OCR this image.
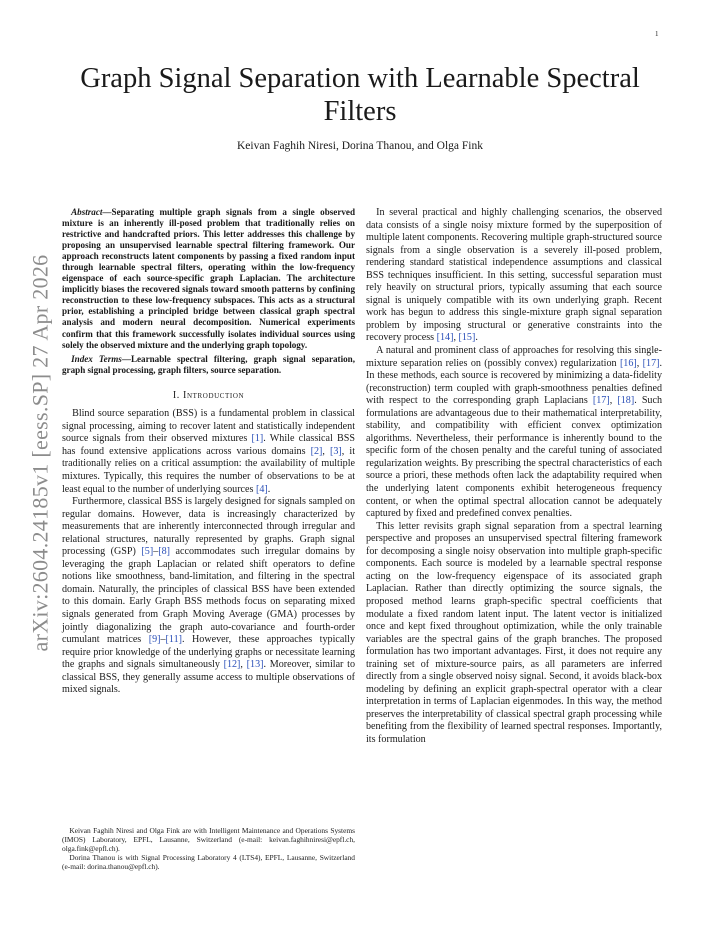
1
arXiv:2604.24185v1 [eess.SP] 27 Apr 2026
Graph Signal Separation with Learnable Spectral Filters

Keivan Faghih Niresi, Dorina Thanou, and Olga Fink

Abstract—Separating multiple graph signals from a single observed mixture is an inherently ill-posed problem that traditionally relies on restrictive and handcrafted priors. This letter addresses this challenge by proposing an unsupervised learnable spectral filtering framework. Our approach reconstructs latent components by passing a fixed random input through learnable spectral filters, operating within the low-frequency eigenspace of each source-specific graph Laplacian. The architecture implicitly biases the recovered signals toward smooth patterns by confining reconstruction to these low-frequency subspaces. This acts as a structural prior, establishing a principled bridge between classical graph spectral analysis and modern neural decomposition. Numerical experiments confirm that this framework successfully isolates individual sources using solely the observed mixture and the underlying graph topology.

Index Terms—Learnable spectral filtering, graph signal separation, graph signal processing, graph filters, source separation.

I. Introduction

Blind source separation (BSS) is a fundamental problem in classical signal processing, aiming to recover latent and statistically independent source signals from their observed mixtures [1]. While classical BSS has found extensive applications across various domains [2], [3], it traditionally relies on a critical assumption: the availability of multiple mixtures. Typically, this requires the number of observations to be at least equal to the number of underlying sources [4].

Furthermore, classical BSS is largely designed for signals sampled on regular domains. However, data is increasingly characterized by measurements that are inherently interconnected through irregular and relational structures, naturally represented by graphs. Graph signal processing (GSP) [5]–[8] accommodates such irregular domains by leveraging the graph Laplacian or related shift operators to define notions like smoothness, band-limitation, and filtering in the spectral domain. Naturally, the principles of classical BSS have been extended to this domain. Early Graph BSS methods focus on separating mixed signals generated from Graph Moving Average (GMA) processes by jointly diagonalizing the graph auto-covariance and fourth-order cumulant matrices [9]–[11]. However, these approaches typically require prior knowledge of the underlying graphs or necessitate learning the graphs and signals simultaneously [12], [13]. Moreover, similar to classical BSS, they generally assume access to multiple observations of mixed signals.

In several practical and highly challenging scenarios, the observed data consists of a single noisy mixture formed by the superposition of multiple latent components. Recovering multiple graph-structured source signals from a single observation is a severely ill-posed problem, rendering standard statistical independence assumptions and classical BSS techniques insufficient. In this setting, successful separation must rely heavily on structural priors, typically assuming that each source signal is uniquely compatible with its own underlying graph. Recent work has begun to address this single-mixture graph signal separation problem by imposing structural or generative constraints into the recovery process [14], [15].

A natural and prominent class of approaches for resolving this single-mixture separation relies on (possibly convex) regularization [16], [17]. In these methods, each source is recovered by minimizing a data-fidelity (reconstruction) term coupled with graph-smoothness penalties defined with respect to the corresponding graph Laplacians [17], [18]. Such formulations are advantageous due to their mathematical interpretability, stability, and compatibility with efficient convex optimization algorithms. Nevertheless, their performance is inherently bound to the specific form of the chosen penalty and the careful tuning of associated regularization weights. By prescribing the spectral characteristics of each source a priori, these methods often lack the adaptability required when the underlying latent components exhibit heterogeneous frequency content, or when the optimal spectral allocation cannot be adequately captured by fixed and predefined convex penalties.

This letter revisits graph signal separation from a spectral learning perspective and proposes an unsupervised spectral filtering framework for decomposing a single noisy observation into multiple graph-specific components. Each source is modeled by a learnable spectral response acting on the low-frequency eigenspace of its associated graph Laplacian. Rather than directly optimizing the source signals, the proposed method learns graph-specific spectral coefficients that modulate a fixed random latent input. The latent vector is initialized once and kept fixed throughout optimization, while the only trainable variables are the spectral gains of the graph branches. The proposed formulation has two important advantages. First, it does not require any training set of mixture-source pairs, as all parameters are inferred directly from a single observed noisy signal. Second, it avoids black-box modeling by defining an explicit graph-spectral operator with a clear interpretation in terms of Laplacian eigenmodes. In this way, the method preserves the interpretability of classical spectral graph processing while benefiting from the flexibility of learned spectral responses. Importantly, its formulation

Keivan Faghih Niresi and Olga Fink are with Intelligent Maintenance and Operations Systems (IMOS) Laboratory, EPFL, Lausanne, Switzerland (e-mail: keivan.faghihniresi@epfl.ch, olga.fink@epfl.ch).

Dorina Thanou is with Signal Processing Laboratory 4 (LTS4), EPFL, Lausanne, Switzerland (e-mail: dorina.thanou@epfl.ch).
